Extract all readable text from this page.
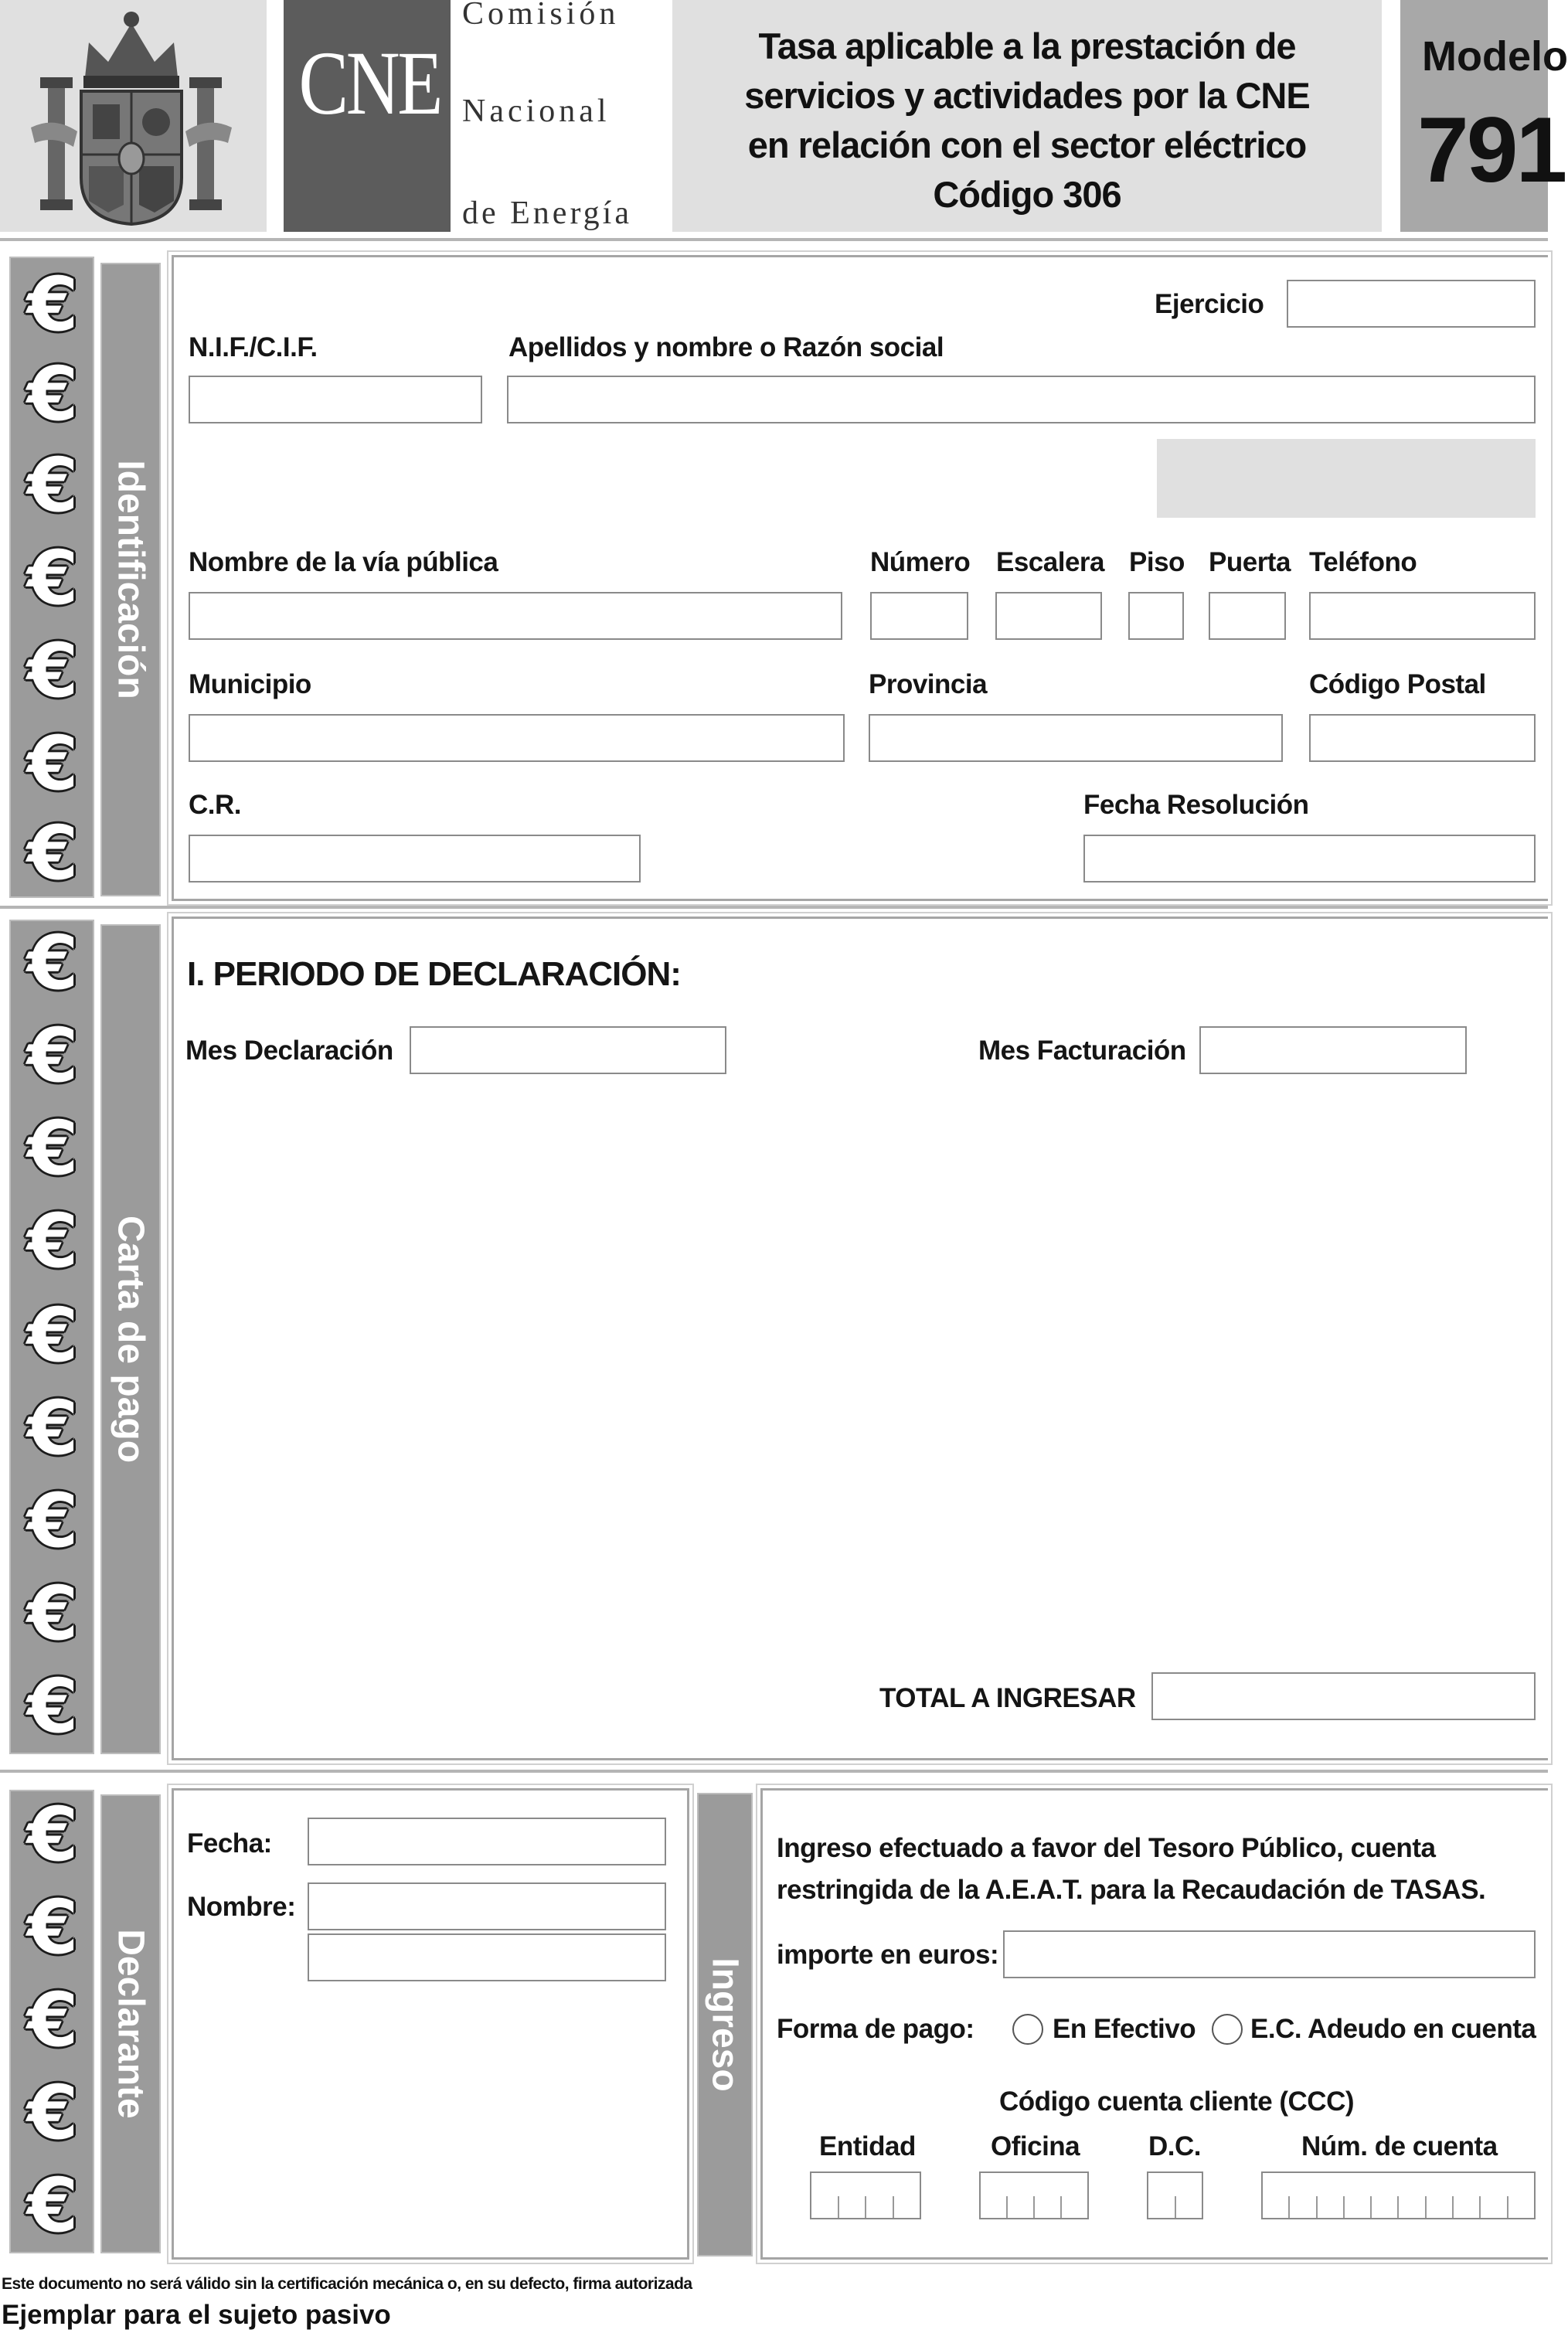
CNE
Comisión
Nacional
de Energía
Tasa aplicable a la prestación de
servicios y actividades por la CNE
en relación con el sector eléctrico
Código 306
Modelo
791
€
€
€
€
€
€
€
Identificación
Ejercicio
N.I.F./C.I.F.	Apellidos y nombre o Razón social
Nombre de la vía pública	Número Escalera Piso Puerta Teléfono
Municipio	Provincia	Código Postal
C.R.	Fecha Resolución
€
€
€
€
€
€
€
€
€
Carta de pago
I. PERIODO DE DECLARACIÓN:
Mes Declaración	Mes Facturación
TOTAL A INGRESAR
€
€
€
€
€
Declarante
Fecha:
Nombre:
Ingreso
Ingreso efectuado a favor del Tesoro Público, cuenta
restringida de la A.E.A.T. para la Recaudación de TASAS.
importe en euros:
Forma de pago:	En Efectivo E.C. Adeudo en cuenta
Código cuenta cliente (CCC)
Entidad	Oficina	D.C.	Núm. de cuenta
Este documento no será válido sin la certificación mecánica o, en su defecto, firma autorizada
Ejemplar para el sujeto pasivo
